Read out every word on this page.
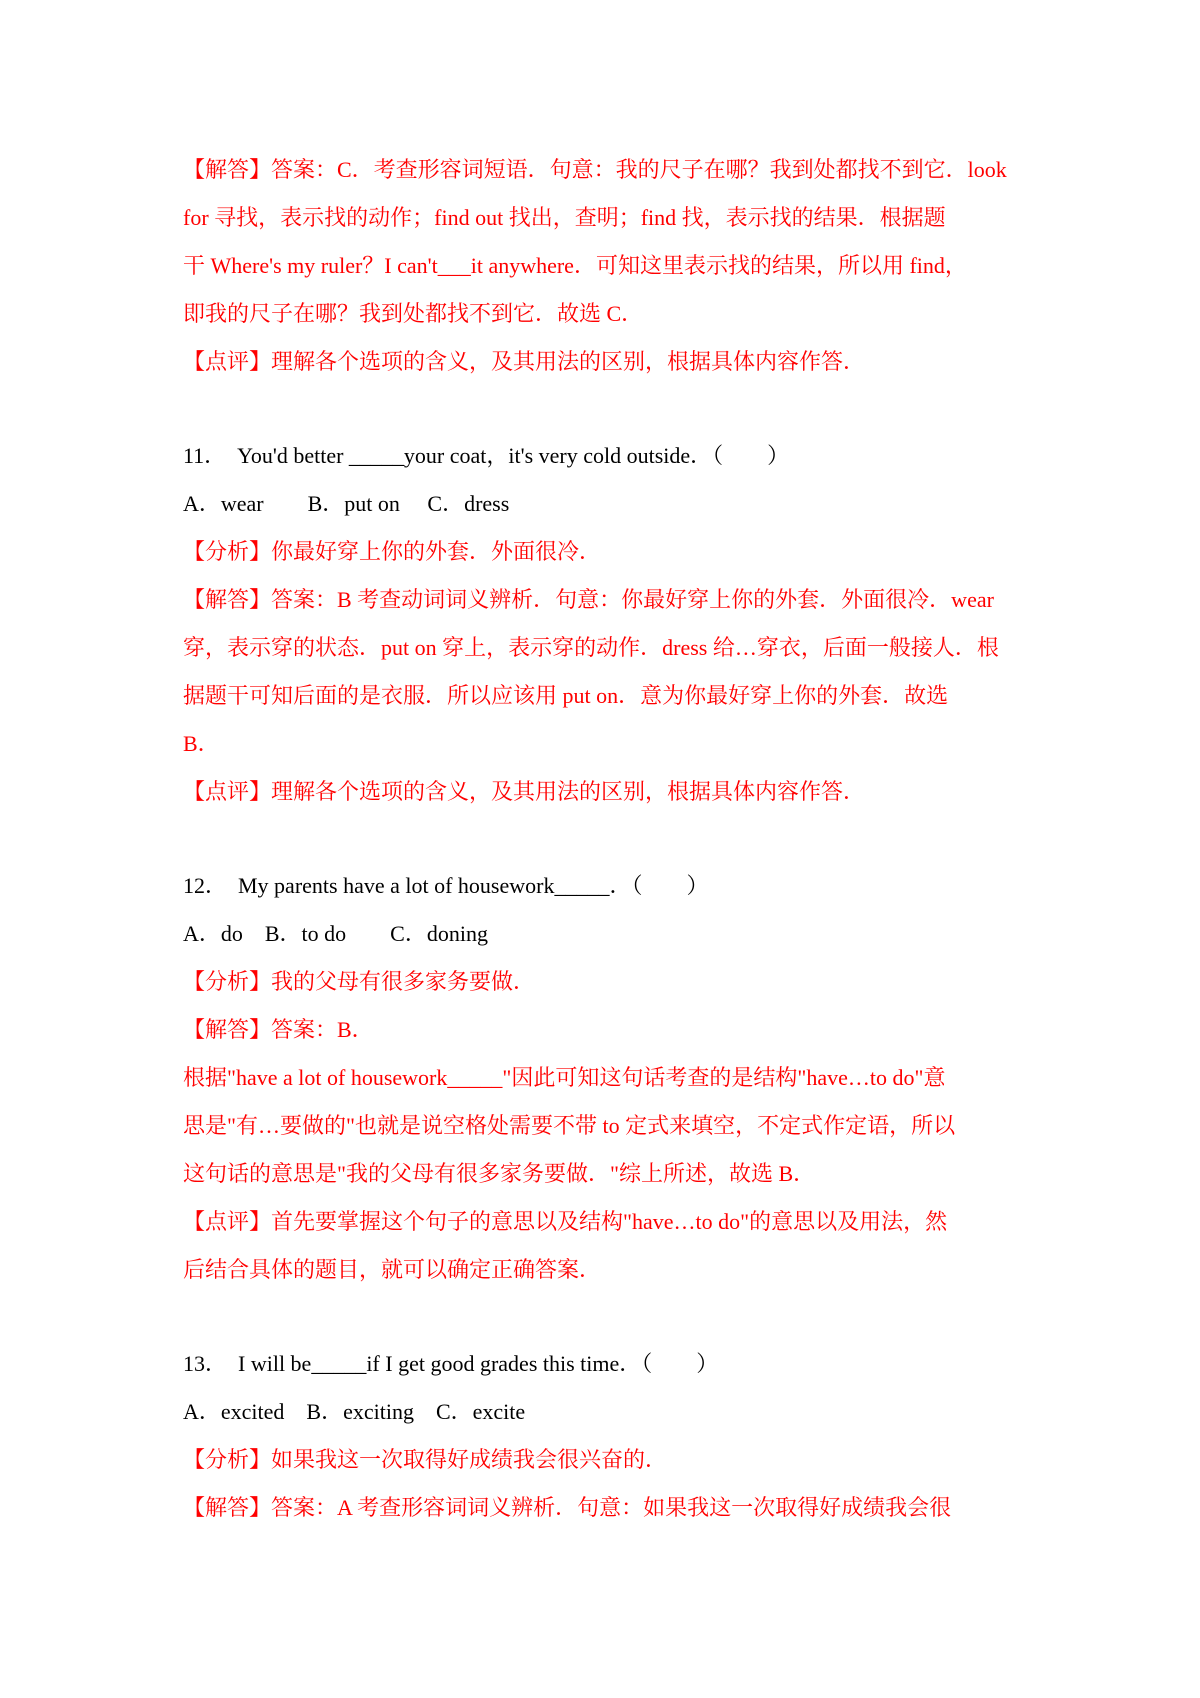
【解答】答案：C．考查形容词短语．句意：我的尺子在哪？我到处都找不到它．look
for 寻找，表示找的动作；find out 找出，查明；find 找，表示找的结果．根据题
干 Where's my ruler？I can't___it anywhere．可知这里表示找的结果，所以用 find，
即我的尺子在哪？我到处都找不到它．故选 C．
【点评】理解各个选项的含义，及其用法的区别，根据具体内容作答．
11．　You'd better _____your coat，it's very cold outside．（　　）
A．wear　　B．put on　 C．dress
【分析】你最好穿上你的外套．外面很冷．
【解答】答案：B 考查动词词义辨析．句意：你最好穿上你的外套．外面很冷．wear
穿，表示穿的状态．put on 穿上，表示穿的动作．dress 给…穿衣，后面一般接人．根
据题干可知后面的是衣服．所以应该用 put on．意为你最好穿上你的外套．故选
B．
【点评】理解各个选项的含义，及其用法的区别，根据具体内容作答．
12．　My parents have a lot of housework_____．（　　）
A．do　B．to do　　C．doning
【分析】我的父母有很多家务要做．
【解答】答案：B．
根据"have a lot of housework_____"因此可知这句话考查的是结构"have…to do"意
思是"有…要做的"也就是说空格处需要不带 to 定式来填空，不定式作定语，所以
这句话的意思是"我的父母有很多家务要做．"综上所述，故选 B．
【点评】首先要掌握这个句子的意思以及结构"have…to do"的意思以及用法，然
后结合具体的题目，就可以确定正确答案．
13．　I will be_____if I get good grades this time．（　　）
A．excited　B．exciting　C．excite
【分析】如果我这一次取得好成绩我会很兴奋的．
【解答】答案：A 考查形容词词义辨析．句意：如果我这一次取得好成绩我会很
